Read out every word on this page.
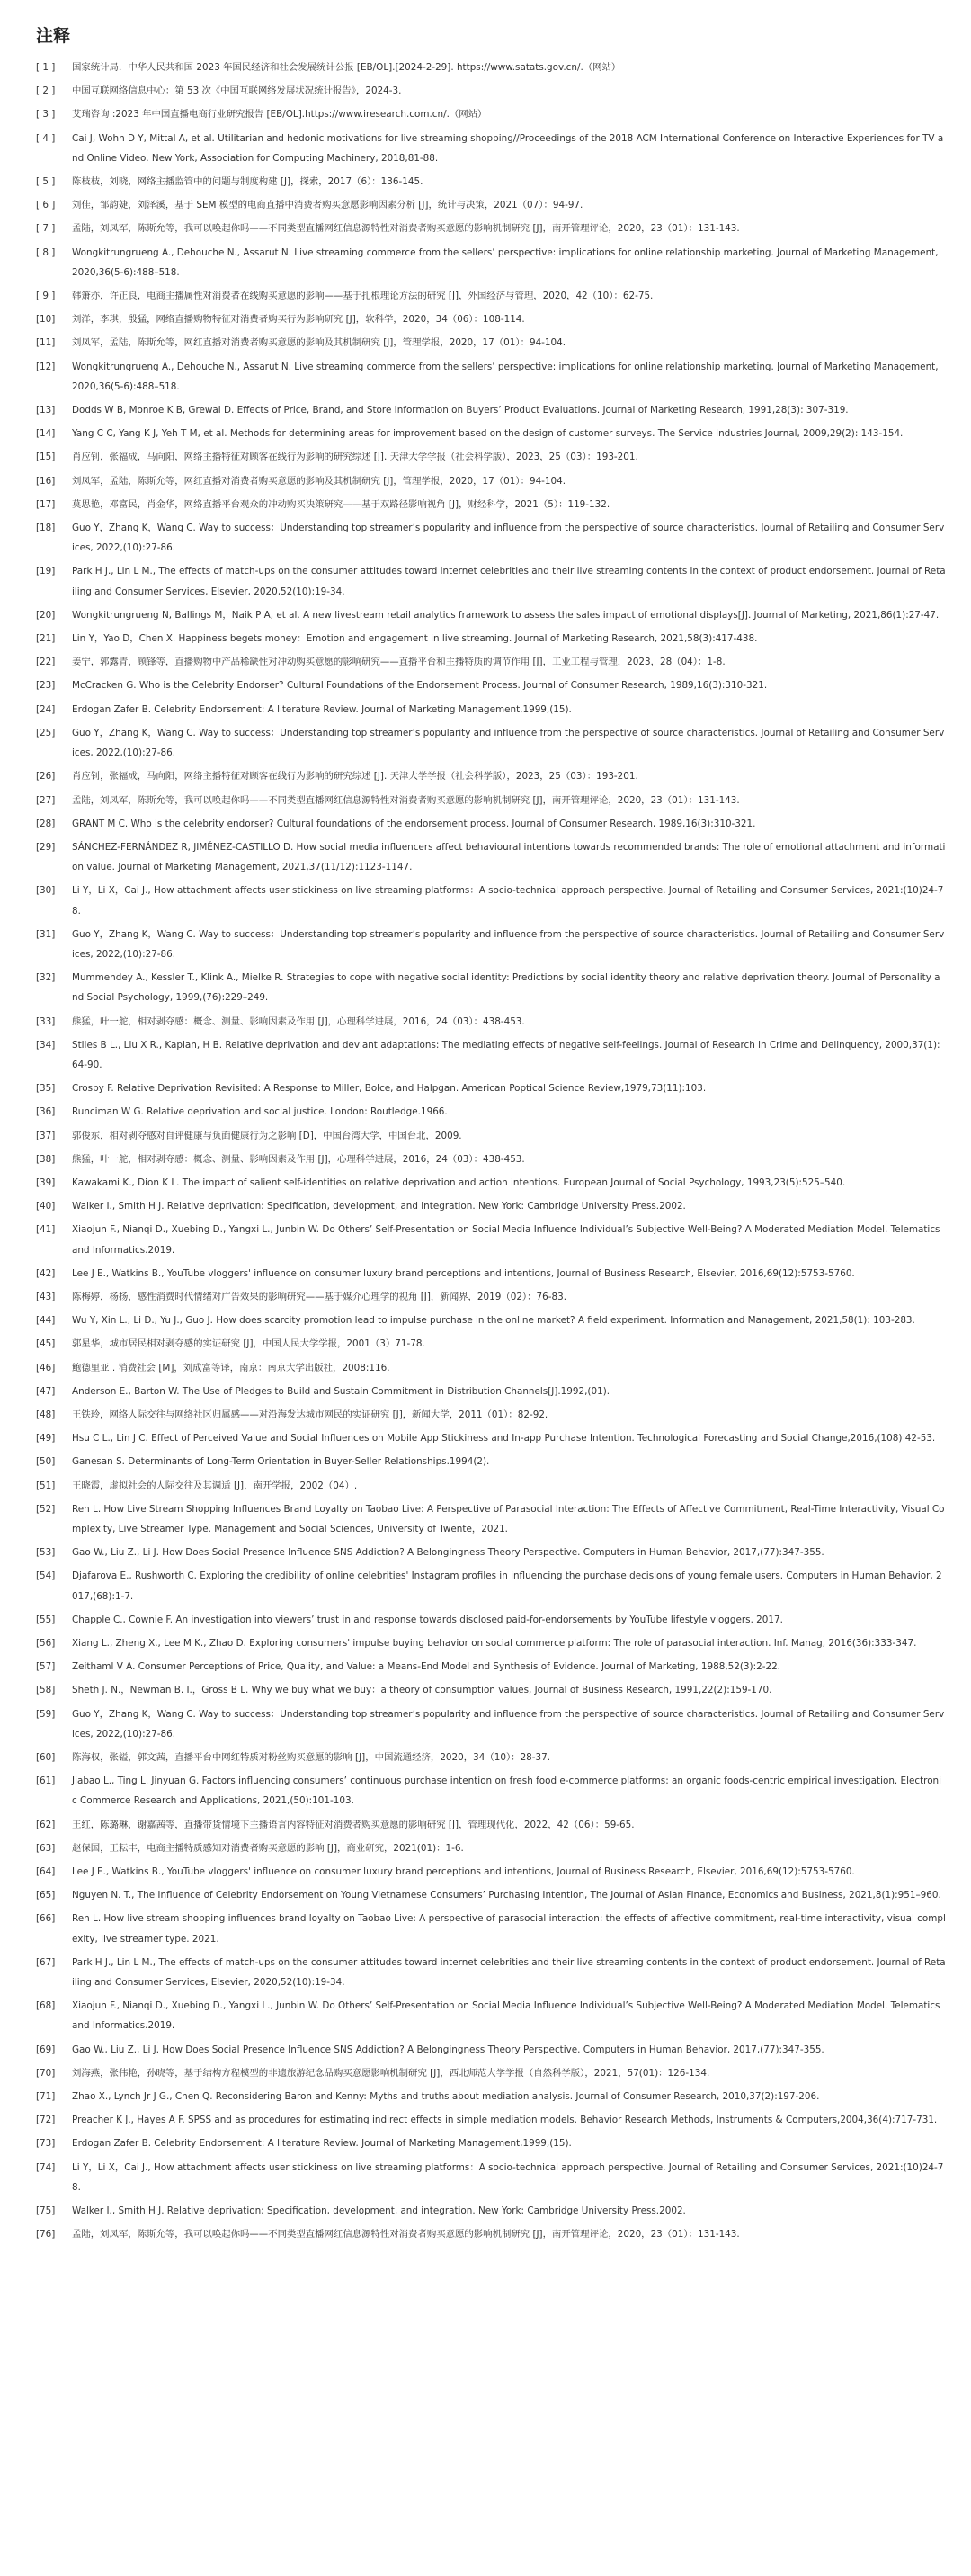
注释
[ 1 ] 国家统计局．中华人民共和国 2023 年国民经济和社会发展统计公报 [EB/OL].[2024-2-29]. https://www.satats.gov.cn/.（网站）
[ 2 ] 中国互联网络信息中心：第 53 次《中国互联网络发展状况统计报告》，2024-3.
[ 3 ] 艾瑞咨询 :2023 年中国直播电商行业研究报告 [EB/OL].https://www.iresearch.com.cn/.（网站）
[ 4 ] Cai J, Wohn D Y, Mittal A, et al. Utilitarian and hedonic motivations for live streaming shopping//Proceedings of the 2018 ACM International Conference on Interactive Experiences for TV and Online Video. New York, Association for Computing Machinery, 2018,81-88.
[ 5 ] 陈枝枝，刘晓，网络主播监管中的问题与制度构建 [J]，探索，2017（6）：136-145.
[ 6 ] 刘佳，邹韵婕，刘泽溪，基于 SEM 模型的电商直播中消费者购买意愿影响因素分析 [J]，统计与决策，2021（07）：94-97.
[ 7 ] 孟陆，刘凤军，陈斯允等，我可以唤起你吗——不同类型直播网红信息源特性对消费者购买意愿的影响机制研究 [J]，南开管理评论，2020，23（01）：131-143.
[ 8 ] Wongkitrungrueng A., Dehouche N., Assarut N. Live streaming commerce from the sellers’ perspective: implications for online relationship marketing. Journal of Marketing Management, 2020,36(5-6):488–518.
[ 9 ] 韩箫亦，许正良，电商主播属性对消费者在线购买意愿的影响——基于扎根理论方法的研究 [J]，外国经济与管理，2020，42（10）：62-75.
[10] 刘洋，李琪，殷猛，网络直播购物特征对消费者购买行为影响研究 [J]，软科学，2020，34（06）：108-114.
[11] 刘凤军，孟陆，陈斯允等，网红直播对消费者购买意愿的影响及其机制研究 [J]，管理学报，2020，17（01）：94-104.
[12] Wongkitrungrueng A., Dehouche N., Assarut N. Live streaming commerce from the sellers’ perspective: implications for online relationship marketing. Journal of Marketing Management, 2020,36(5-6):488–518.
[13] Dodds W B, Monroe K B, Grewal D. Effects of Price, Brand, and Store Information on Buyers’ Product Evaluations. Journal of Marketing Research, 1991,28(3): 307-319.
[14] Yang C C, Yang K J, Yeh T M, et al. Methods for determining areas for improvement based on the design of customer surveys. The Service Industries Journal, 2009,29(2): 143-154.
[15] 肖应钊，张福成，马向阳，网络主播特征对顾客在线行为影响的研究综述 [J]. 天津大学学报（社会科学版），2023，25（03）：193-201.
[16] 刘凤军，孟陆，陈斯允等，网红直播对消费者购买意愿的影响及其机制研究 [J]，管理学报，2020，17（01）：94-104.
[17] 莫思艳，邓富民，肖金华，网络直播平台观众的冲动购买决策研究——基于双路径影响视角 [J]，财经科学，2021（5）：119-132.
[18] Guo Y，Zhang K，Wang C. Way to success：Understanding top streamer’s popularity and influence from the perspective of source characteristics. Journal of Retailing and Consumer Services, 2022,(10):27-86.
[19] Park H J., Lin L M., The effects of match-ups on the consumer attitudes toward internet celebrities and their live streaming contents in the context of product endorsement. Journal of Retailing and Consumer Services, Elsevier, 2020,52(10):19-34.
[20] Wongkitrungrueng N, Ballings M，Naik P A, et al. A new livestream retail analytics framework to assess the sales impact of emotional displays[J]. Journal of Marketing, 2021,86(1):27-47.
[21] Lin Y，Yao D，Chen X. Happiness begets money：Emotion and engagement in live streaming. Journal of Marketing Research, 2021,58(3):417-438.
[22] 姜宁，郭露青，顾锋等，直播购物中产品稀缺性对冲动购买意愿的影响研究——直播平台和主播特质的调节作用 [J]，工业工程与管理，2023，28（04）：1-8.
[23] McCracken G. Who is the Celebrity Endorser? Cultural Foundations of the Endorsement Process. Journal of Consumer Research, 1989,16(3):310-321.
[24] Erdogan Zafer B. Celebrity Endorsement: A literature Review. Journal of Marketing Management,1999,(15).
[25] Guo Y，Zhang K，Wang C. Way to success：Understanding top streamer’s popularity and influence from the perspective of source characteristics. Journal of Retailing and Consumer Services, 2022,(10):27-86.
[26] 肖应钊，张福成，马向阳，网络主播特征对顾客在线行为影响的研究综述 [J]. 天津大学学报（社会科学版），2023，25（03）：193-201.
[27] 孟陆，刘凤军，陈斯允等，我可以唤起你吗——不同类型直播网红信息源特性对消费者购买意愿的影响机制研究 [J]，南开管理评论，2020，23（01）：131-143.
[28] GRANT M C. Who is the celebrity endorser? Cultural foundations of the endorsement process. Journal of Consumer Research, 1989,16(3):310-321.
[29] SÁNCHEZ-FERNÁNDEZ R, JIMÉNEZ-CASTILLO D. How social media influencers affect behavioural intentions towards recommended brands: The role of emotional attachment and information value. Journal of Marketing Management, 2021,37(11/12):1123-1147.
[30] Li Y，Li X，Cai J., How attachment affects user stickiness on live streaming platforms：A socio-technical approach perspective. Journal of Retailing and Consumer Services, 2021:(10)24-78.
[31] Guo Y，Zhang K，Wang C. Way to success：Understanding top streamer’s popularity and influence from the perspective of source characteristics. Journal of Retailing and Consumer Services, 2022,(10):27-86.
[32] Mummendey A., Kessler T., Klink A., Mielke R. Strategies to cope with negative social identity: Predictions by social identity theory and relative deprivation theory. Journal of Personality and Social Psychology, 1999,(76):229–249.
[33] 熊猛，叶一舵，相对剥夺感：概念、测量、影响因素及作用 [J]，心理科学进展，2016，24（03）：438-453.
[34] Stiles B L., Liu X R., Kaplan, H B. Relative deprivation and deviant adaptations: The mediating effects of negative self-feelings. Journal of Research in Crime and Delinquency, 2000,37(1):64-90.
[35] Crosby F. Relative Deprivation Revisited: A Response to Miller, Bolce, and Halpgan. American Poptical Science Review,1979,73(11):103.
[36] Runciman W G. Relative deprivation and social justice. London: Routledge.1966.
[37] 郭俊东，相对剥夺感对自评健康与负面健康行为之影响 [D]，中国台湾大学，中国台北，2009.
[38] 熊猛，叶一舵，相对剥夺感：概念、测量、影响因素及作用 [J]，心理科学进展，2016，24（03）：438-453.
[39] Kawakami K., Dion K L. The impact of salient self-identities on relative deprivation and action intentions. European Journal of Social Psychology, 1993,23(5):525–540.
[40] Walker I., Smith H J. Relative deprivation: Specification, development, and integration. New York: Cambridge University Press.2002.
[41] Xiaojun F., Nianqi D., Xuebing D., Yangxi L., Junbin W. Do Others’ Self-Presentation on Social Media Influence Individual’s Subjective Well-Being? A Moderated Mediation Model. Telematics and Informatics.2019.
[42] Lee J E., Watkins B., YouTube vloggers' influence on consumer luxury brand perceptions and intentions, Journal of Business Research, Elsevier, 2016,69(12):5753-5760.
[43] 陈梅婷，杨扬，感性消费时代情绪对广告效果的影响研究——基于媒介心理学的视角 [J]，新闻界，2019（02）：76-83.
[44] Wu Y, Xin L., Li D., Yu J., Guo J. How does scarcity promotion lead to impulse purchase in the online market? A field experiment. Information and Management, 2021,58(1): 103-283.
[45] 郭星华，城市居民相对剥夺感的实证研究 [J]，中国人民大学学报，2001（3）71-78.
[46] 鲍德里亚 . 消费社会 [M]，刘成富等译，南京：南京大学出版社，2008:116.
[47] Anderson E., Barton W. The Use of Pledges to Build and Sustain Commitment in Distribution Channels[J].1992,(01).
[48] 王铁玲，网络人际交往与网络社区归属感——对沿海发达城市网民的实证研究 [J]，新闻大学，2011（01）：82-92.
[49] Hsu C L., Lin J C. Effect of Perceived Value and Social Influences on Mobile App Stickiness and In-app Purchase Intention. Technological Forecasting and Social Change,2016,(108) 42-53.
[50] Ganesan S. Determinants of Long-Term Orientation in Buyer-Seller Relationships.1994(2).
[51] 王晓霞，虚拟社会的人际交往及其调适 [J]，南开学报，2002（04）.
[52] Ren L. How Live Stream Shopping Influences Brand Loyalty on Taobao Live: A Perspective of Parasocial Interaction: The Effects of Affective Commitment, Real-Time Interactivity, Visual Complexity, Live Streamer Type. Management and Social Sciences, University of Twente，2021.
[53] Gao W., Liu Z., Li J. How Does Social Presence Influence SNS Addiction? A Belongingness Theory Perspective. Computers in Human Behavior, 2017,(77):347-355.
[54] Djafarova E., Rushworth C. Exploring the credibility of online celebrities' Instagram profiles in influencing the purchase decisions of young female users. Computers in Human Behavior, 2017,(68):1-7.
[55] Chapple C., Cownie F. An investigation into viewers’ trust in and response towards disclosed paid-for-endorsements by YouTube lifestyle vloggers. 2017.
[56] Xiang L., Zheng X., Lee M K., Zhao D. Exploring consumers' impulse buying behavior on social commerce platform: The role of parasocial interaction. Inf. Manag, 2016(36):333-347.
[57] Zeithaml V A. Consumer Perceptions of Price, Quality, and Value: a Means-End Model and Synthesis of Evidence. Journal of Marketing, 1988,52(3):2-22.
[58] Sheth J. N.，Newman B. I.，Gross B L. Why we buy what we buy：a theory of consumption values, Journal of Business Research, 1991,22(2):159-170.
[59] Guo Y，Zhang K，Wang C. Way to success：Understanding top streamer’s popularity and influence from the perspective of source characteristics. Journal of Retailing and Consumer Services, 2022,(10):27-86.
[60] 陈海权，张镒，郭文茜，直播平台中网红特质对粉丝购买意愿的影响 [J]，中国流通经济，2020，34（10）：28-37.
[61] Jiabao L., Ting L. Jinyuan G. Factors influencing consumers’ continuous purchase intention on fresh food e-commerce platforms: an organic foods-centric empirical investigation. Electronic Commerce Research and Applications, 2021,(50):101-103.
[62] 王红，陈璐琳，谢嘉茜等，直播带货情境下主播语言内容特征对消费者购买意愿的影响研究 [J]，管理现代化，2022，42（06）：59-65.
[63] 赵保国，王耘丰，电商主播特质感知对消费者购买意愿的影响 [J]，商业研究，2021(01)：1-6.
[64] Lee J E., Watkins B., YouTube vloggers' influence on consumer luxury brand perceptions and intentions, Journal of Business Research, Elsevier, 2016,69(12):5753-5760.
[65] Nguyen N. T., The Influence of Celebrity Endorsement on Young Vietnamese Consumers’ Purchasing Intention, The Journal of Asian Finance, Economics and Business, 2021,8(1):951–960.
[66] Ren L. How live stream shopping influences brand loyalty on Taobao Live: A perspective of parasocial interaction: the effects of affective commitment, real-time interactivity, visual complexity, live streamer type. 2021.
[67] Park H J., Lin L M., The effects of match-ups on the consumer attitudes toward internet celebrities and their live streaming contents in the context of product endorsement. Journal of Retailing and Consumer Services, Elsevier, 2020,52(10):19-34.
[68] Xiaojun F., Nianqi D., Xuebing D., Yangxi L., Junbin W. Do Others’ Self-Presentation on Social Media Influence Individual’s Subjective Well-Being? A Moderated Mediation Model. Telematics and Informatics.2019.
[69] Gao W., Liu Z., Li J. How Does Social Presence Influence SNS Addiction? A Belongingness Theory Perspective. Computers in Human Behavior, 2017,(77):347-355.
[70] 刘海燕，张伟艳，孙晓等，基于结构方程模型的非遗旅游纪念品购买意愿影响机制研究 [J]，西北师范大学学报（自然科学版），2021，57(01)：126-134.
[71] Zhao X., Lynch Jr J G., Chen Q. Reconsidering Baron and Kenny: Myths and truths about mediation analysis. Journal of Consumer Research, 2010,37(2):197-206.
[72] Preacher K J., Hayes A F. SPSS and as procedures for estimating indirect effects in simple mediation models. Behavior Research Methods, Instruments & Computers,2004,36(4):717-731.
[73] Erdogan Zafer B. Celebrity Endorsement: A literature Review. Journal of Marketing Management,1999,(15).
[74] Li Y，Li X，Cai J., How attachment affects user stickiness on live streaming platforms：A socio-technical approach perspective. Journal of Retailing and Consumer Services, 2021:(10)24-78.
[75] Walker I., Smith H J. Relative deprivation: Specification, development, and integration. New York: Cambridge University Press.2002.
[76] 孟陆，刘凤军，陈斯允等，我可以唤起你吗——不同类型直播网红信息源特性对消费者购买意愿的影响机制研究 [J]，南开管理评论，2020，23（01）：131-143.
